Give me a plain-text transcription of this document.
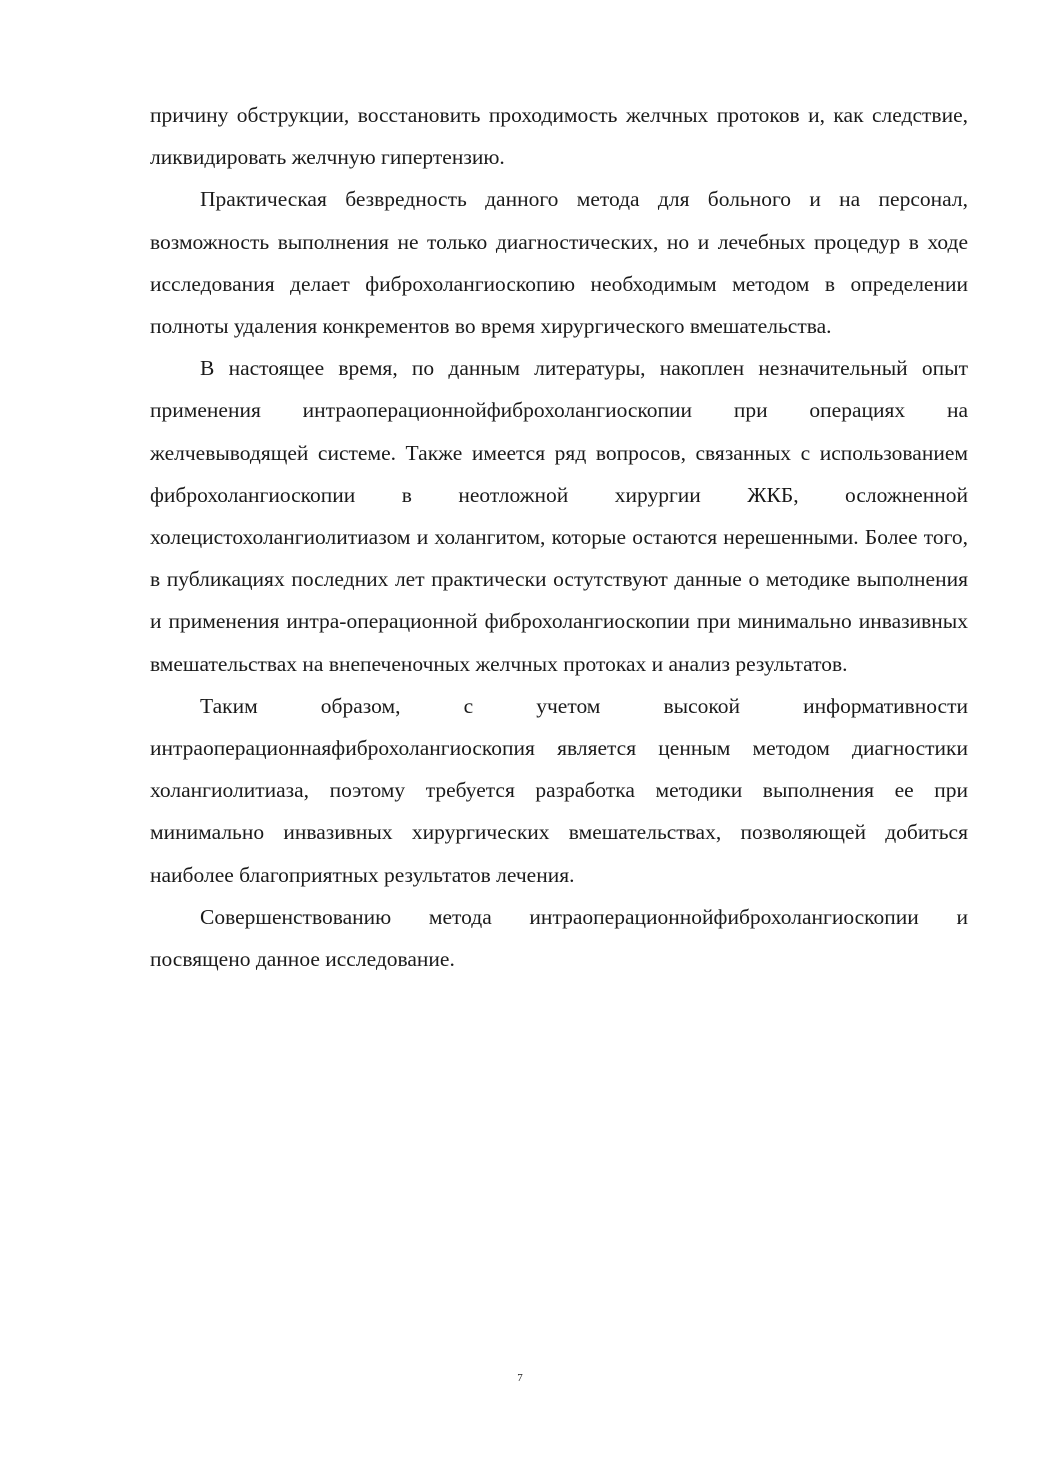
причину обструкции, восстановить проходимость желчных протоков и, как следствие, ликвидировать желчную гипертензию.

Практическая безвредность данного метода для больного и на персонал, возможность выполнения не только диагностических, но и лечебных процедур в ходе исследования делает фиброхолангиоскопию необходимым методом в определении полноты удаления конкрементов во время хирургического вмешательства.

В настоящее время, по данным литературы, накоплен незначительный опыт применения интраоперационнойфиброхолангиоскопии при операциях на желчевыводящей системе. Также имеется ряд вопросов, связанных с использованием фиброхолангиоскопии в неотложной хирургии ЖКБ, осложненной холецистохолангиолитиазом и холангитом, которые остаются нерешенными. Более того, в публикациях последних лет практически остутствуют данные о методике выполнения и применения интра-операционной фиброхолангиоскопии при минимально инвазивных вмешательствах на внепеченочных желчных протоках и анализ результатов.

Таким образом, с учетом высокой информативности интраоперационнаяфиброхолангиоскопия является ценным методом диагностики холангиолитиаза, поэтому требуется разработка методики выполнения ее при минимально инвазивных хирургических вмешательствах, позволяющей добиться наиболее благоприятных результатов лечения.

Совершенствованию метода интраоперационнойфиброхолангиоскопии и посвящено данное исследование.

7
